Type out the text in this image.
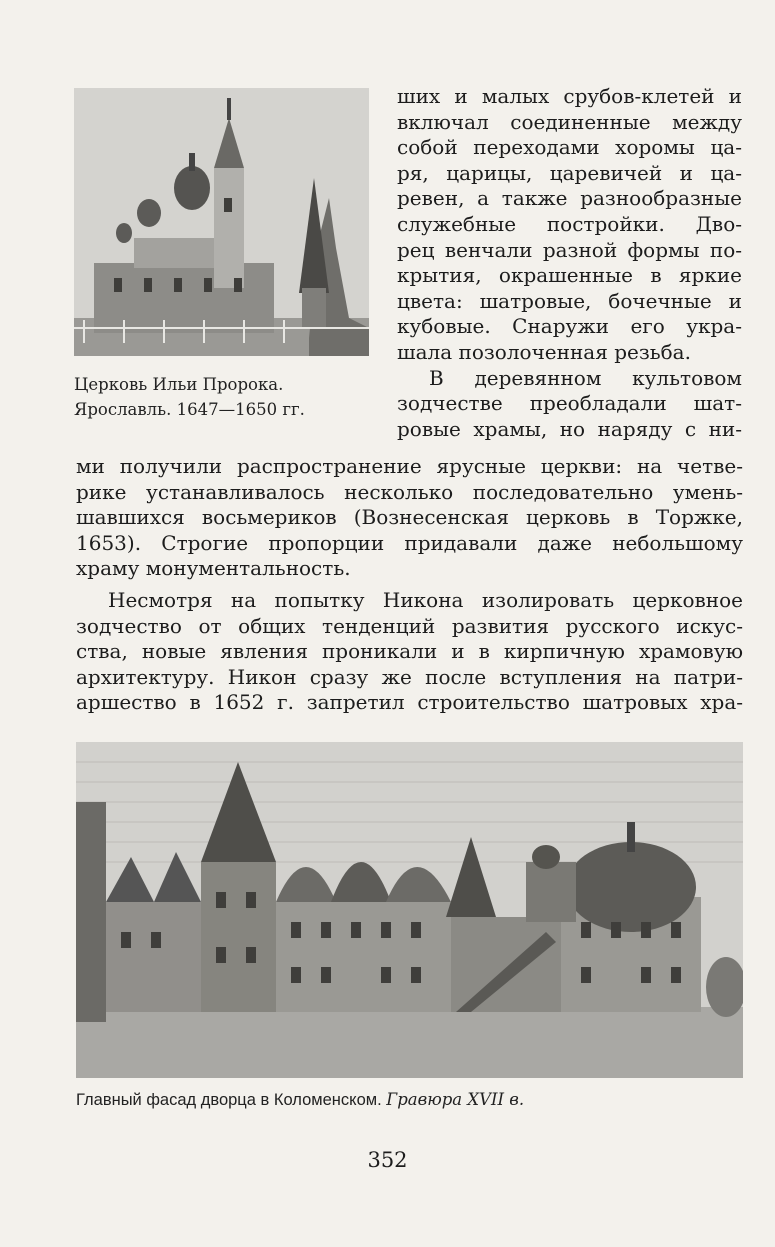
Церковь Ильи Пророка.
Ярославль. 1647—1650 гг.
ших и малых срубов-клетей и
включал соединенные между
собой переходами хоромы ца-
ря, царицы, царевичей и ца-
ревен, а также разнообразные
служебные постройки. Дво-
рец венчали разной формы по-
крытия, окрашенные в яркие
цвета: шатровые, бочечные и
кубовые. Снаружи его укра-
шала позолоченная резьба.
В деревянном культовом
зодчестве преобладали шат-
ровые храмы, но наряду с ни-
ми получили распространение ярусные церкви: на четве-
рике устанавливалось несколько последовательно умень-
шавшихся восьмериков (Вознесенская церковь в Торжке,
1653). Строгие пропорции придавали даже небольшому
храму монументальность.
Несмотря на попытку Никона изолировать церковное
зодчество от общих тенденций развития русского искус-
ства, новые явления проникали и в кирпичную храмовую
архитектуру. Никон сразу же после вступления на патри-
аршество в 1652 г. запретил строительство шатровых хра-
Главный фасад дворца в Коломенском. Гравюра XVII в.
352
